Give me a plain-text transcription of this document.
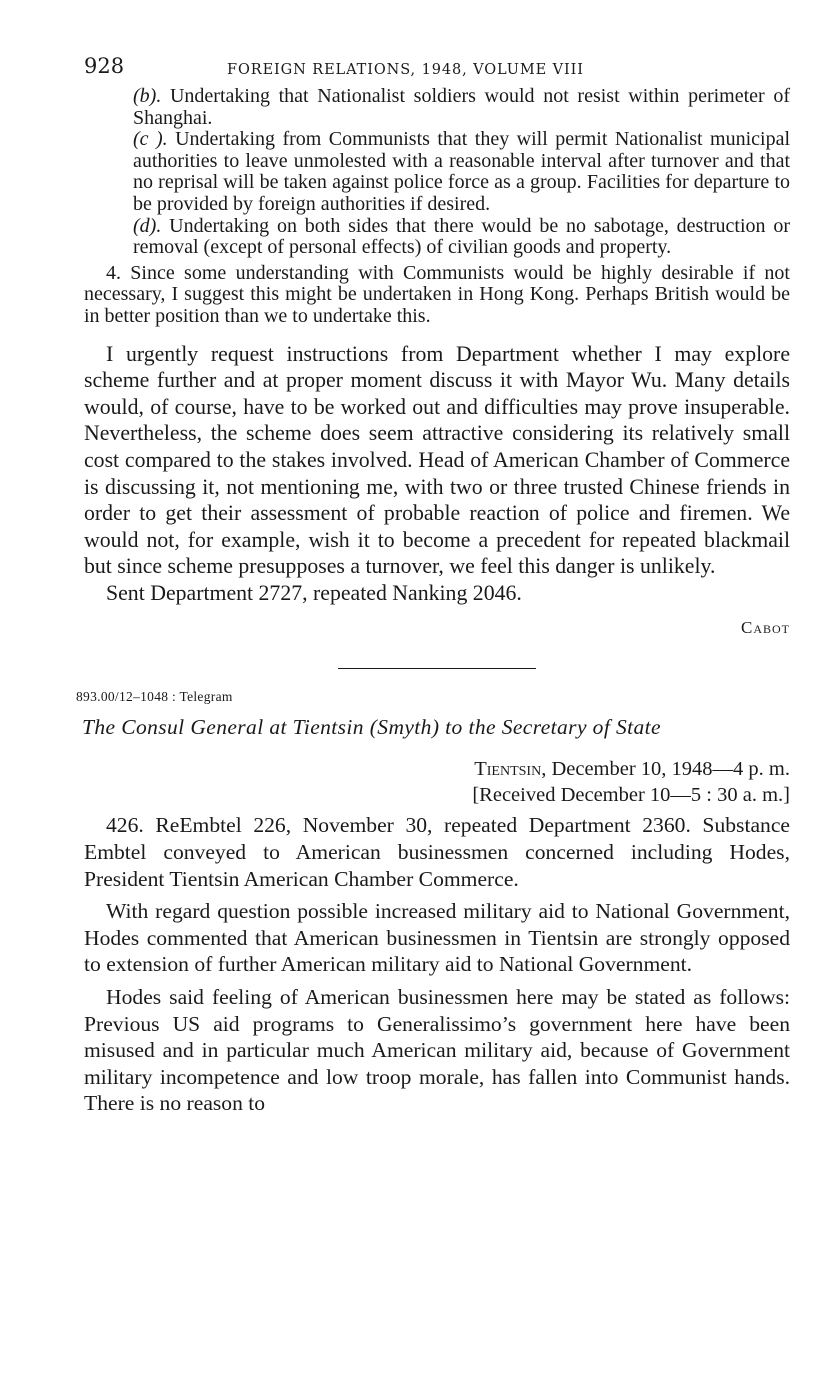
928	FOREIGN RELATIONS, 1948, VOLUME VIII

(b). Undertaking that Nationalist soldiers would not resist within perimeter of Shanghai.

(c ). Undertaking from Communists that they will permit Nationalist municipal authorities to leave unmolested with a reasonable interval after turnover and that no reprisal will be taken against police force as a group. Facilities for departure to be provided by foreign authorities if desired.

(d). Undertaking on both sides that there would be no sabotage, destruction or removal (except of personal effects) of civilian goods and property.

4. Since some understanding with Communists would be highly desirable if not necessary, I suggest this might be undertaken in Hong Kong. Perhaps British would be in better position than we to undertake this.

I urgently request instructions from Department whether I may explore scheme further and at proper moment discuss it with Mayor Wu. Many details would, of course, have to be worked out and difficulties may prove insuperable. Nevertheless, the scheme does seem attractive considering its relatively small cost compared to the stakes involved. Head of American Chamber of Commerce is discussing it, not mentioning me, with two or three trusted Chinese friends in order to get their assessment of probable reaction of police and firemen. We would not, for example, wish it to become a precedent for repeated blackmail but since scheme presupposes a turnover, we feel this danger is unlikely.

Sent Department 2727, repeated Nanking 2046.

Cabot
893.00/12–1048 : Telegram
The Consul General at Tientsin (Smyth) to the Secretary of State
Tientsin, December 10, 1948—4 p. m.
[Received December 10—5 : 30 a. m.]

426. ReEmbtel 226, November 30, repeated Department 2360. Substance Embtel conveyed to American businessmen concerned including Hodes, President Tientsin American Chamber Commerce.

With regard question possible increased military aid to National Government, Hodes commented that American businessmen in Tientsin are strongly opposed to extension of further American military aid to National Government.

Hodes said feeling of American businessmen here may be stated as follows: Previous US aid programs to Generalissimo’s government here have been misused and in particular much American military aid, because of Government military incompetence and low troop morale, has fallen into Communist hands. There is no reason to
